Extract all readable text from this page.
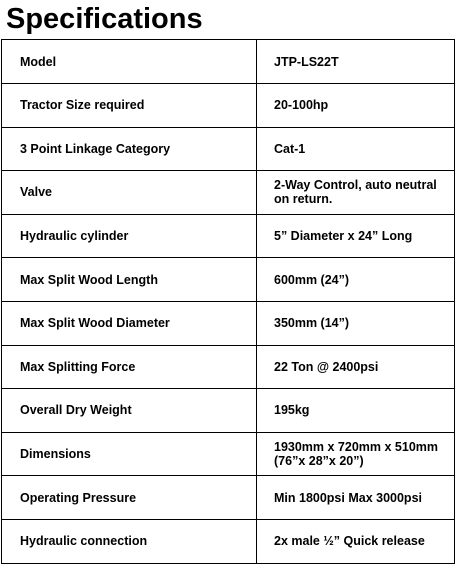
Specifications
Model	JTP-LS22T
Tractor Size required	20-100hp
3 Point Linkage Category	Cat-1
Valve	2-Way Control, auto neutral on return.
Hydraulic cylinder	5” Diameter x 24” Long
Max Split Wood Length	600mm (24”)
Max Split Wood Diameter	350mm (14”)
Max Splitting Force	22 Ton @ 2400psi
Overall Dry Weight	195kg
Dimensions	1930mm x 720mm x 510mm (76”x 28”x 20”)
Operating Pressure	Min 1800psi Max 3000psi
Hydraulic connection	2x male ½” Quick release
